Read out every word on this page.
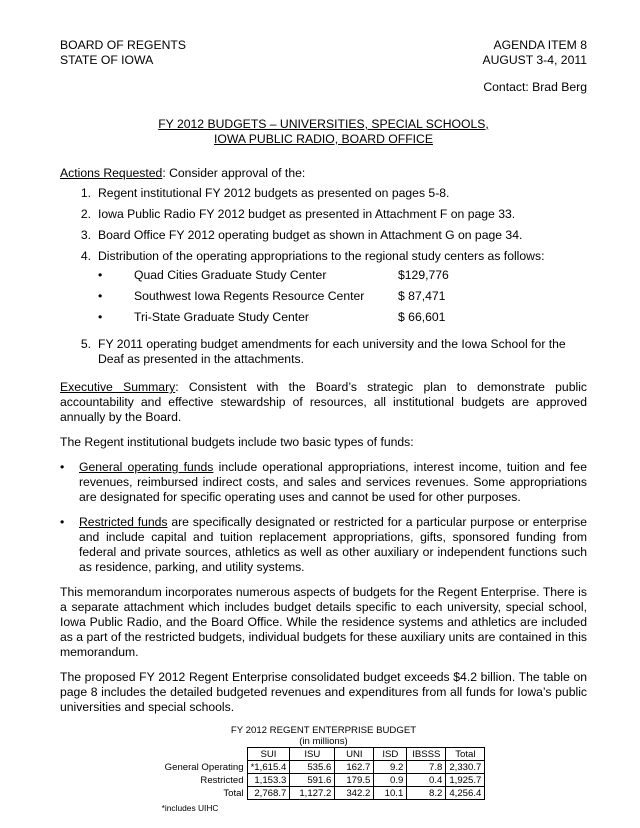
BOARD OF REGENTS	AGENDA ITEM 8
STATE OF IOWA	AUGUST 3-4, 2011
Contact: Brad Berg
FY 2012 BUDGETS – UNIVERSITIES, SPECIAL SCHOOLS,
IOWA PUBLIC RADIO, BOARD OFFICE

Actions Requested: Consider approval of the:

1. Regent institutional FY 2012 budgets as presented on pages 5-8.
2. Iowa Public Radio FY 2012 budget as presented in Attachment F on page 33.
3. Board Office FY 2012 operating budget as shown in Attachment G on page 34.
4. Distribution of the operating appropriations to the regional study centers as follows:
•	Quad Cities Graduate Study Center	$129,776
•	Southwest Iowa Regents Resource Center	$ 87,471
•	Tri-State Graduate Study Center	$ 66,601
5. FY 2011 operating budget amendments for each university and the Iowa School for the Deaf as presented in the attachments.

Executive Summary: Consistent with the Board’s strategic plan to demonstrate public accountability and effective stewardship of resources, all institutional budgets are approved annually by the Board.

The Regent institutional budgets include two basic types of funds:

•	General operating funds include operational appropriations, interest income, tuition and fee revenues, reimbursed indirect costs, and sales and services revenues. Some appropriations are designated for specific operating uses and cannot be used for other purposes.
•	Restricted funds are specifically designated or restricted for a particular purpose or enterprise and include capital and tuition replacement appropriations, gifts, sponsored funding from federal and private sources, athletics as well as other auxiliary or independent functions such as residence, parking, and utility systems.

This memorandum incorporates numerous aspects of budgets for the Regent Enterprise. There is a separate attachment which includes budget details specific to each university, special school, Iowa Public Radio, and the Board Office. While the residence systems and athletics are included as a part of the restricted budgets, individual budgets for these auxiliary units are contained in this memorandum.

The proposed FY 2012 Regent Enterprise consolidated budget exceeds $4.2 billion. The table on page 8 includes the detailed budgeted revenues and expenditures from all funds for Iowa’s public universities and special schools.

FY 2012 REGENT ENTERPRISE BUDGET
(in millions)
	SUI	ISU	UNI	ISD	IBSSS	Total
General Operating	*1,615.4	535.6	162.7	9.2	7.8	2,330.7
Restricted	1,153.3	591.6	179.5	0.9	0.4	1,925.7
Total	2,768.7	1,127.2	342.2	10.1	8.2	4,256.4
*includes UIHC
